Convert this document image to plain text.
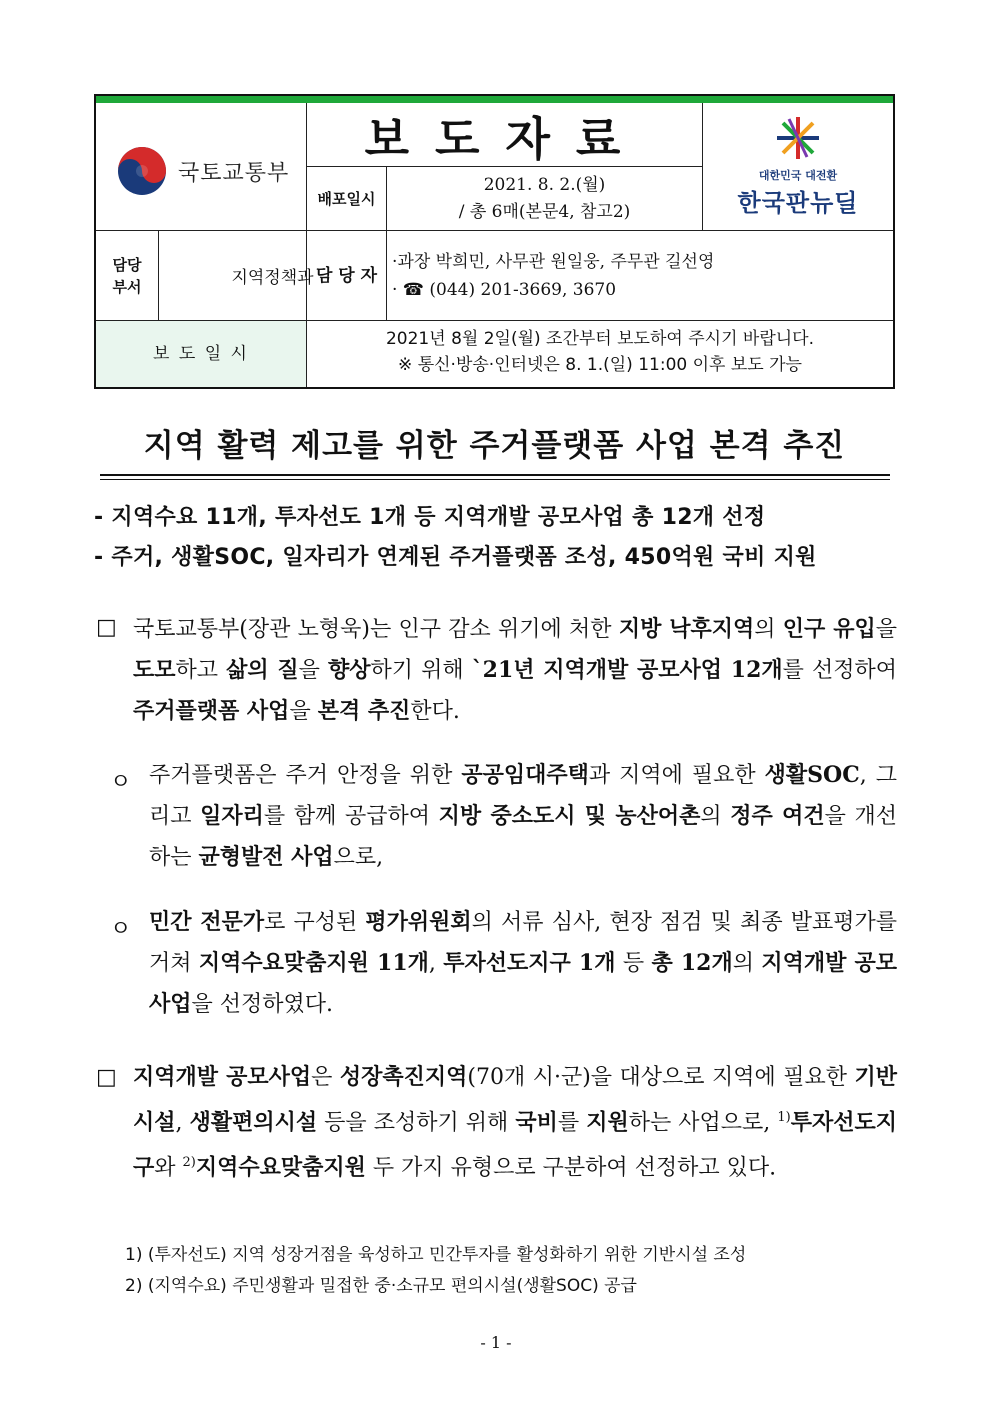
국토교통부
보도자료
배포일시
2021. 8. 2.(월)
/ 총 6매(본문4, 참고2)
대한민국 대전환
한국판뉴딜
담당
부서	지역정책과 담 당 자
·과장 박희민, 사무관 원일웅, 주무관 길선영
· ☎ (044) 201-3669, 3670
보 도 일 시
2021년 8월 2일(월) 조간부터 보도하여 주시기 바랍니다.
※ 통신·방송·인터넷은 8. 1.(일) 11:00 이후 보도 가능
지역 활력 제고를 위한 주거플랫폼 사업 본격 추진
- 지역수요 11개, 투자선도 1개 등 지역개발 공모사업 총 12개 선정
- 주거, 생활SOC, 일자리가 연계된 주거플랫폼 조성, 450억원 국비 지원
□ 국토교통부(장관 노형욱)는 인구 감소 위기에 처한 지방 낙후지역의 인구 유입을 도모하고 삶의 질을 향상하기 위해 `21년 지역개발 공모사업 12개를 선정하여 주거플랫폼 사업을 본격 추진한다.
ㅇ 주거플랫폼은 주거 안정을 위한 공공임대주택과 지역에 필요한 생활SOC, 그리고 일자리를 함께 공급하여 지방 중소도시 및 농산어촌의 정주 여건을 개선하는 균형발전 사업으로,
ㅇ 민간 전문가로 구성된 평가위원회의 서류 심사, 현장 점검 및 최종 발표평가를 거쳐 지역수요맞춤지원 11개, 투자선도지구 1개 등 총 12개의 지역개발 공모사업을 선정하였다.
□ 지역개발 공모사업은 성장촉진지역(70개 시·군)을 대상으로 지역에 필요한 기반시설, 생활편의시설 등을 조성하기 위해 국비를 지원하는 사업으로, $^{1)}$투자선도지구와 $^{2)}$지역수요맞춤지원 두 가지 유형으로 구분하여 선정하고 있다.
1) (투자선도) 지역 성장거점을 육성하고 민간투자를 활성화하기 위한 기반시설 조성
2) (지역수요) 주민생활과 밀접한 중·소규모 편의시설(생활SOC) 공급
- 1 -
